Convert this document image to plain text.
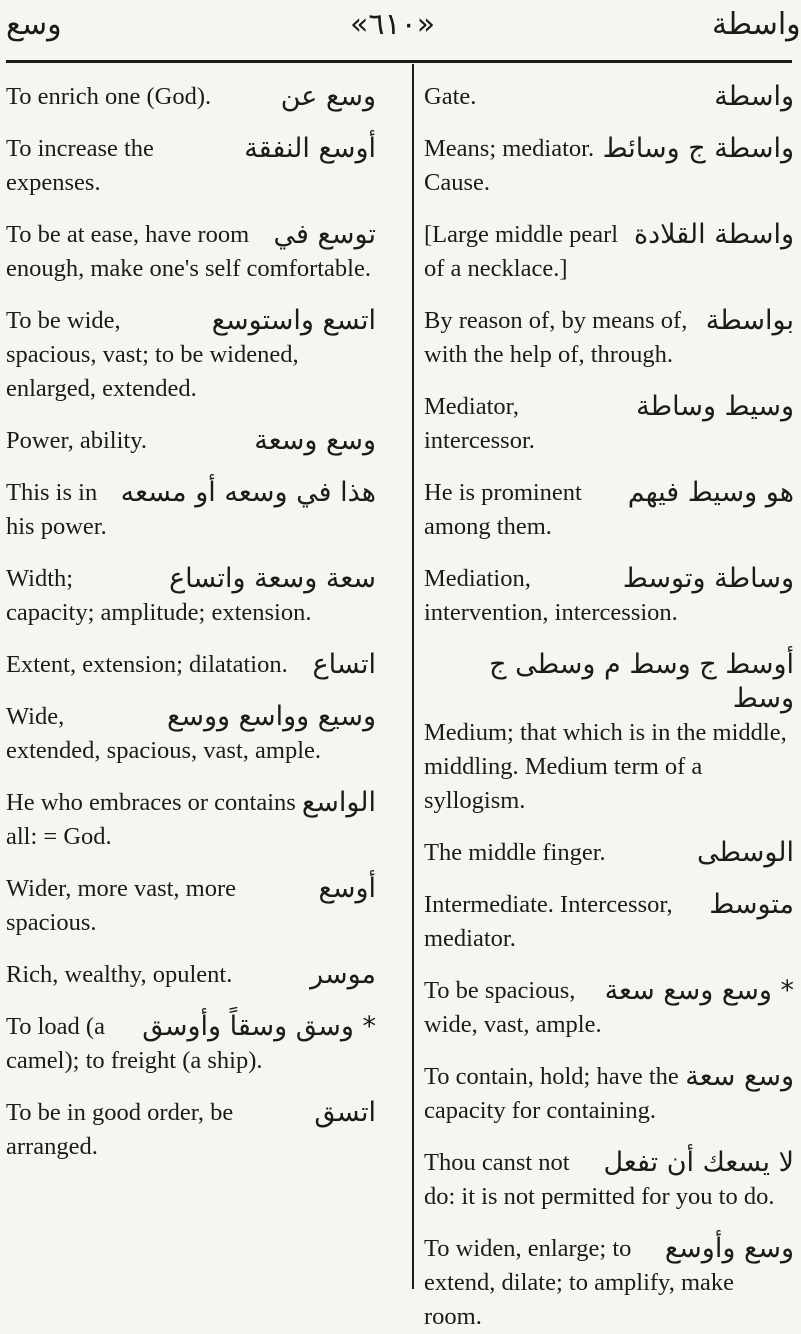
وسع	«٦١٠»	واسطة
وسع عن
To enrich one (God).
أوسع النفقة
To increase the expenses.
توسع في
To be at ease, have room enough, make one's self comfortable.
اتسع واستوسع
To be wide, spacious, vast; to be widened, enlarged, extended.
وسع وسعة
Power, ability.
هذا في وسعه أو مسعه
This is in his power.
سعة وسعة واتساع
Width; capacity; amplitude; extension.
اتساع
Extent, extension; dilatation.
وسيع وواسع ووسع
Wide, extended, spacious, vast, ample.
الواسع
He who embraces or contains all: = God.
أوسع
Wider, more vast, more spacious.
موسر
Rich, wealthy, opulent.
* وسق وسقاً وأوسق
To load (a camel); to freight (a ship).
اتسق
To be in good order, be arranged.
واسطة
Gate.
واسطة ج وسائط
Means; mediator. Cause.
واسطة القلادة
[Large middle pearl of a necklace.]
بواسطة
By reason of, by means of, with the help of, through.
وسيط وساطة
Mediator, intercessor.
هو وسيط فيهم
He is prominent among them.
وساطة وتوسط
Mediation, intervention, intercession.
أوسط ج وسط م وسطى ج وسط
Medium; that which is in the middle, middling. Medium term of a syllogism.
الوسطى
The middle finger.
متوسط
Intermediate. Intercessor, mediator.
* وسع وسع سعة
To be spacious, wide, vast, ample.
وسع سعة
To contain, hold; have the capacity for containing.
لا يسعك أن تفعل
Thou canst not do: it is not permitted for you to do.
وسع وأوسع
To widen, enlarge; to extend, dilate; to amplify, make room.
